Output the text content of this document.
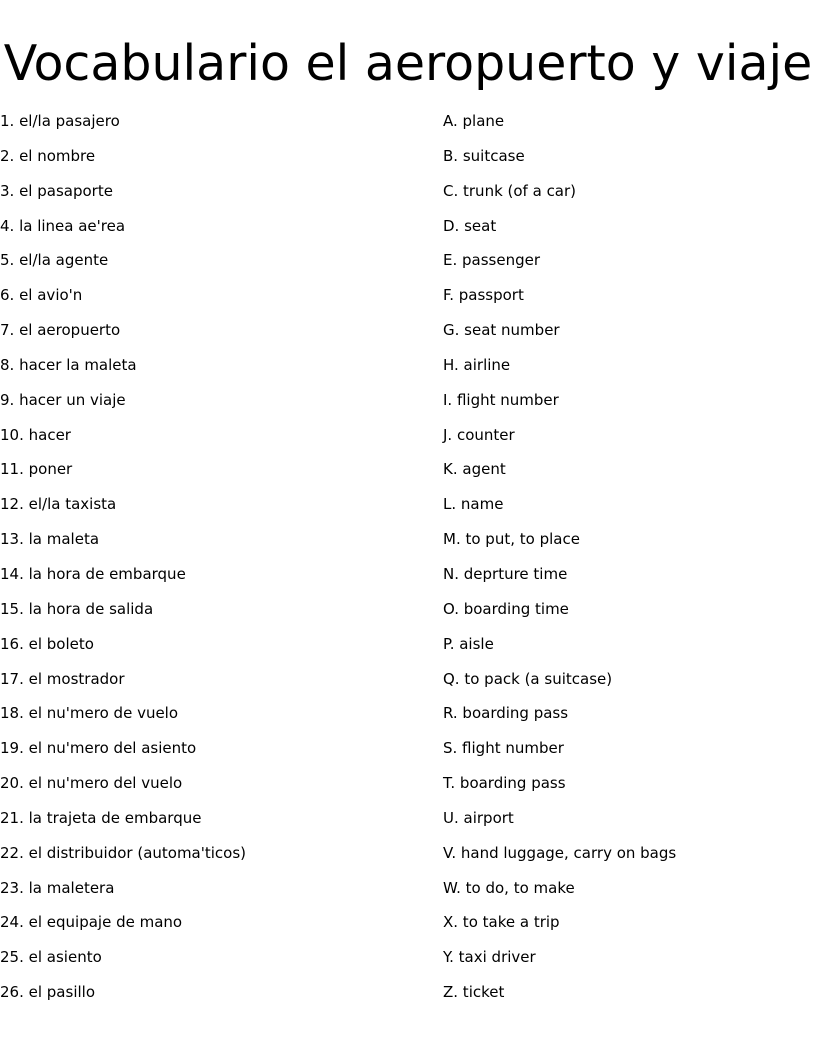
Vocabulario el aeropuerto y viaje
1. el/la pasajero
2. el nombre
3. el pasaporte
4. la linea ae'rea
5. el/la agente
6. el avio'n
7. el aeropuerto
8. hacer la maleta
9. hacer un viaje
10. hacer
11. poner
12. el/la taxista
13. la maleta
14. la hora de embarque
15. la hora de salida
16. el boleto
17. el mostrador
18. el nu'mero de vuelo
19. el nu'mero del asiento
20. el nu'mero del vuelo
21. la trajeta de embarque
22. el distribuidor (automa'ticos)
23. la maletera
24. el equipaje de mano
25. el asiento
26. el pasillo
A. plane
B. suitcase
C. trunk (of a car)
D. seat
E. passenger
F. passport
G. seat number
H. airline
I. flight number
J. counter
K. agent
L. name
M. to put, to place
N. deprture time
O. boarding time
P. aisle
Q. to pack (a suitcase)
R. boarding pass
S. flight number
T. boarding pass
U. airport
V. hand luggage, carry on bags
W. to do, to make
X. to take a trip
Y. taxi driver
Z. ticket
